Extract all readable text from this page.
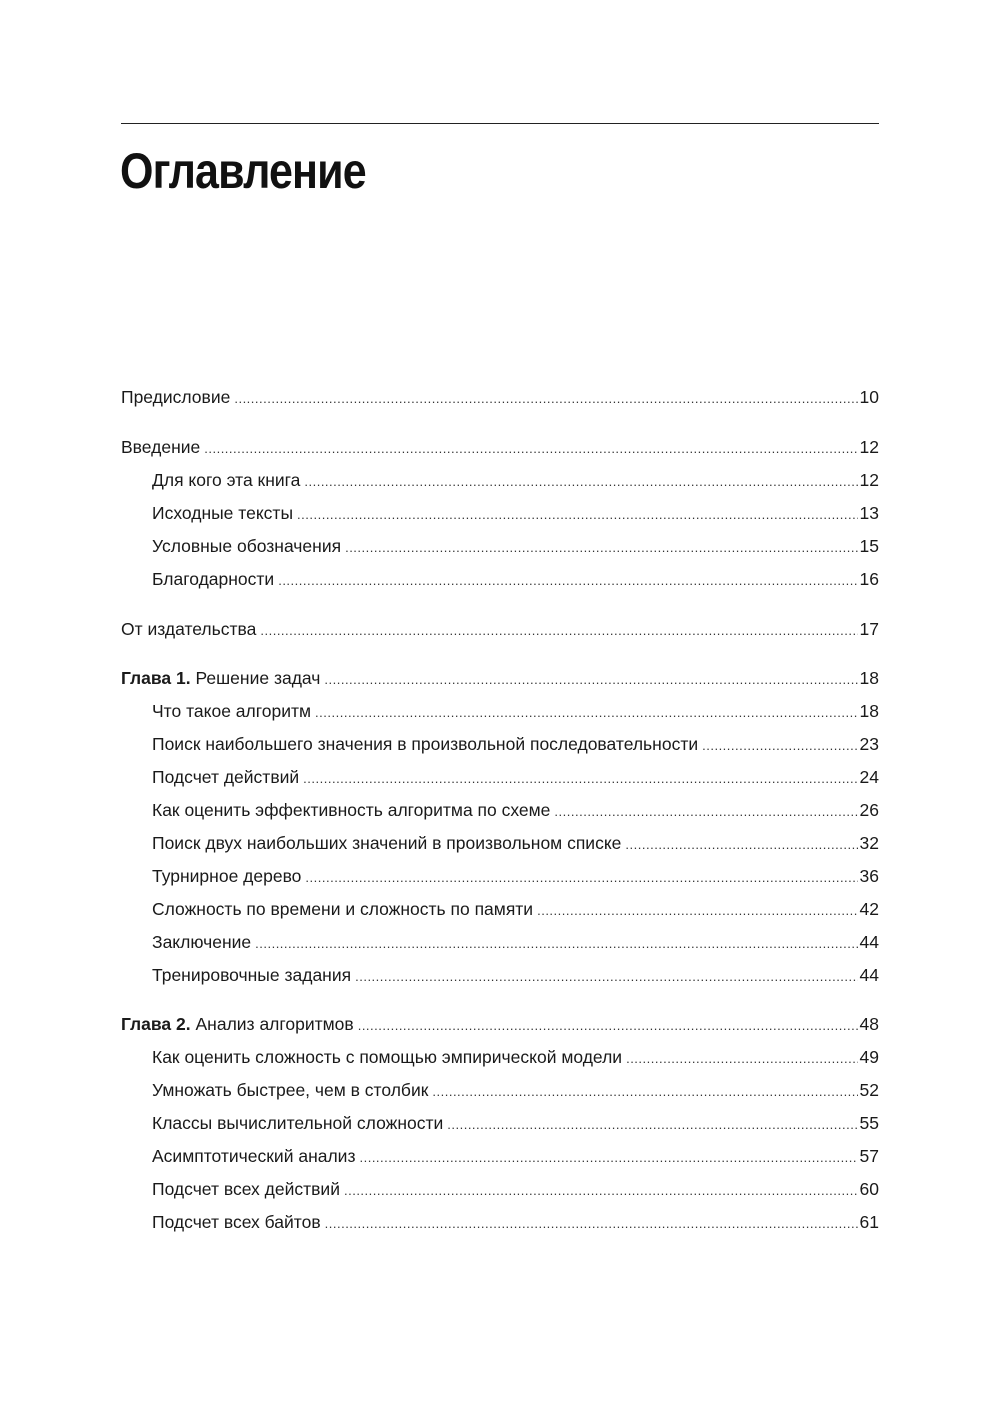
Оглавление
Предисловие .....	10
Введение .....	12
Для кого эта книга .....	12
Исходные тексты .....	13
Условные обозначения .....	15
Благодарности .....	16
От издательства .....	17
Глава 1. Решение задач .....	18
Что такое алгоритм .....	18
Поиск наибольшего значения в произвольной последовательности .....	23
Подсчет действий .....	24
Как оценить эффективность алгоритма по схеме .....	26
Поиск двух наибольших значений в произвольном списке .....	32
Турнирное дерево .....	36
Сложность по времени и сложность по памяти .....	42
Заключение .....	44
Тренировочные задания .....	44
Глава 2. Анализ алгоритмов .....	48
Как оценить сложность с помощью эмпирической модели .....	49
Умножать быстрее, чем в столбик .....	52
Классы вычислительной сложности .....	55
Асимптотический анализ .....	57
Подсчет всех действий .....	60
Подсчет всех байтов .....	61
